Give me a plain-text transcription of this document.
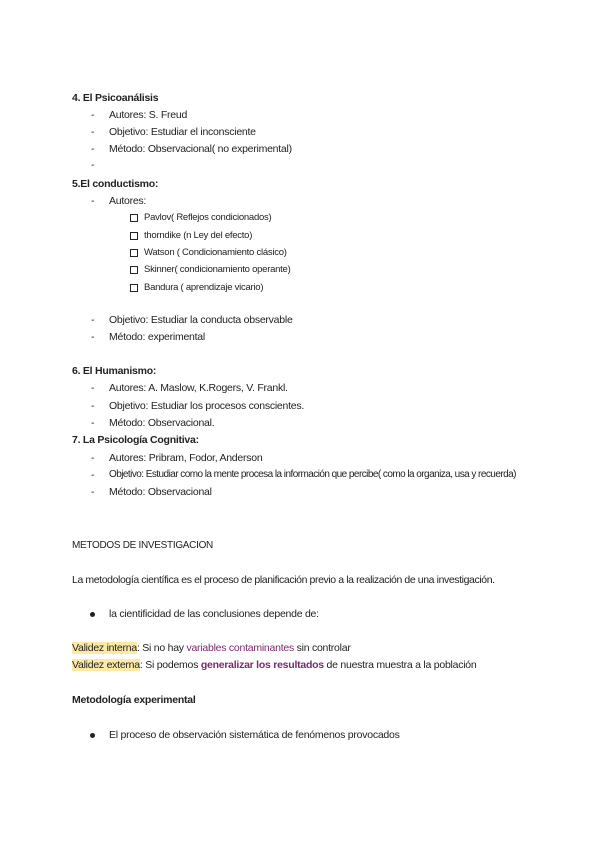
4. El Psicoanálisis
- Autores: S. Freud
- Objetivo: Estudiar el inconsciente
- Método: Observacional( no experimental)
-
5.El conductismo:
- Autores:
Pavlov( Reflejos condicionados)
thorndike (n Ley del efecto)
Watson ( Condicionamiento clásico)
Skinner( condicionamiento operante)
Bandura ( aprendizaje vicario)
- Objetivo: Estudiar la conducta observable
- Método: experimental
6. El Humanismo:
- Autores: A. Maslow, K.Rogers, V. Frankl.
- Objetivo: Estudiar los procesos conscientes.
- Método: Observacional.
7. La Psicología Cognitiva:
- Autores: Pribram, Fodor, Anderson
- Objetivo: Estudiar como la mente procesa la información que percibe( como la organiza, usa y recuerda)
- Método: Observacional
METODOS DE INVESTIGACION
La metodología científica es el proceso de planificación previo a la realización de una investigación.
la cientificidad de las conclusiones depende de:
Validez interna: Si no hay variables contaminantes sin controlar
Validez externa: Si podemos generalizar los resultados de nuestra muestra a la población
Metodología experimental
El proceso de observación sistemática de fenómenos provocados
